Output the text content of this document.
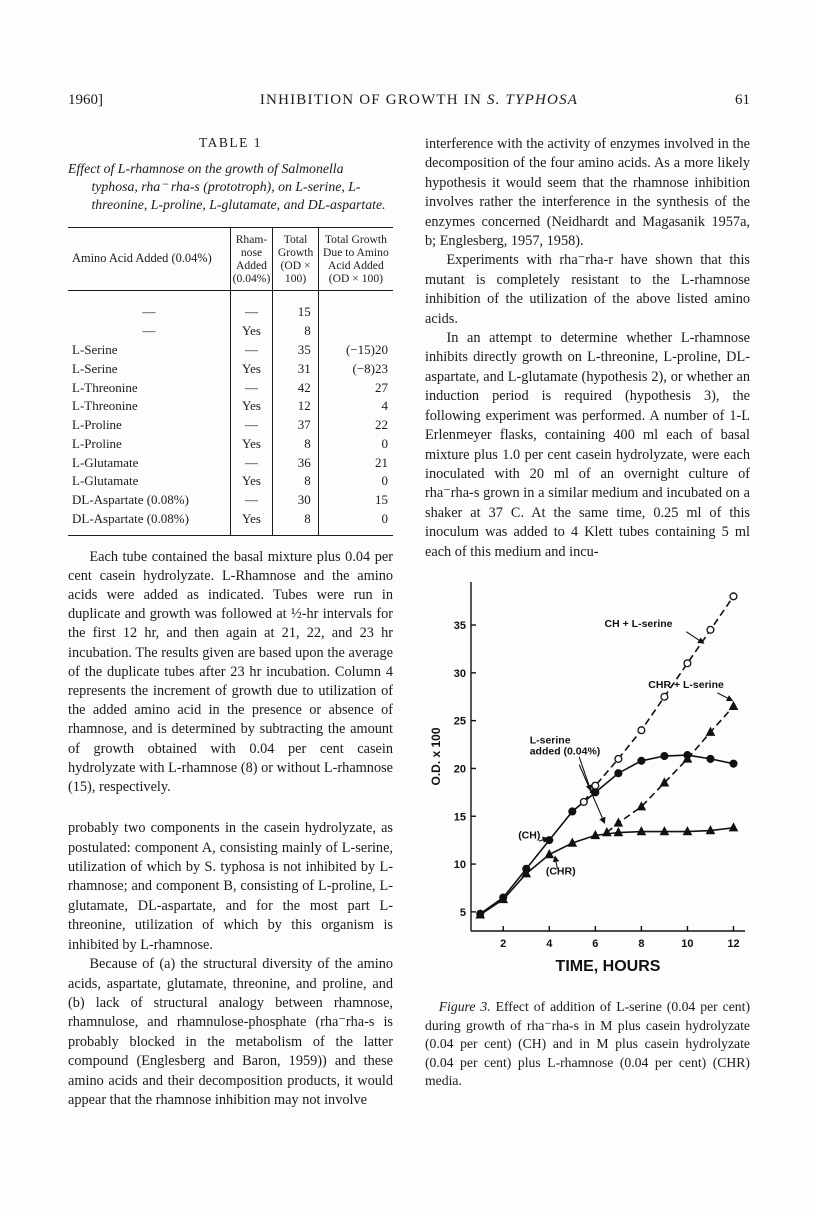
1960]	INHIBITION OF GROWTH IN S. TYPHOSA	61
TABLE 1
Effect of L-rhamnose on the growth of Salmonella typhosa, rha⁻ rha-s (prototroph), on L-serine, L-threonine, L-proline, L-glutamate, and DL-aspartate.
Amino Acid Added (0.04%)	Rham-nose Added (0.04%)	Total Growth (OD × 100)	Total Growth Due to Amino Acid Added (OD × 100)
—	—	15	
—	Yes	8	
L-Serine	—	35	(−15)20
L-Serine	Yes	31	(−8)23
L-Threonine	—	42	27
L-Threonine	Yes	12	4
L-Proline	—	37	22
L-Proline	Yes	8	0
L-Glutamate	—	36	21
L-Glutamate	Yes	8	0
DL-Aspartate (0.08%)	—	30	15
DL-Aspartate (0.08%)	Yes	8	0

Each tube contained the basal mixture plus 0.04 per cent casein hydrolyzate. L-Rhamnose and the amino acids were added as indicated. Tubes were run in duplicate and growth was followed at ½-hr intervals for the first 12 hr, and then again at 21, 22, and 23 hr incubation. The results given are based upon the average of the duplicate tubes after 23 hr incubation. Column 4 represents the increment of growth due to utilization of the added amino acid in the presence or absence of rhamnose, and is determined by subtracting the amount of growth obtained with 0.04 per cent casein hydrolyzate with L-rhamnose (8) or without L-rhamnose (15), respectively.

probably two components in the casein hydrolyzate, as postulated: component A, consisting mainly of L-serine, utilization of which by S. typhosa is not inhibited by L-rhamnose; and component B, consisting of L-proline, L-glutamate, DL-aspartate, and for the most part L-threonine, utilization of which by this organism is inhibited by L-rhamnose.

Because of (a) the structural diversity of the amino acids, aspartate, glutamate, threonine, and proline, and (b) lack of structural analogy between rhamnose, rhamnulose, and rhamnulose-phosphate (rha⁻rha-s is probably blocked in the metabolism of the latter compound (Englesberg and Baron, 1959)) and these amino acids and their decomposition products, it would appear that the rhamnose inhibition may not involve

interference with the activity of enzymes involved in the decomposition of the four amino acids. As a more likely hypothesis it would seem that the rhamnose inhibition involves rather the interference in the synthesis of the enzymes concerned (Neidhardt and Magasanik 1957a, b; Englesberg, 1957, 1958).

Experiments with rha⁻rha-r have shown that this mutant is completely resistant to the L-rhamnose inhibition of the utilization of the above listed amino acids.

In an attempt to determine whether L-rhamnose inhibits directly growth on L-threonine, L-proline, DL-aspartate, and L-glutamate (hypothesis 2), or whether an induction period is required (hypothesis 3), the following experiment was performed. A number of 1-L Erlenmeyer flasks, containing 400 ml each of basal mixture plus 1.0 per cent casein hydrolyzate, were each inoculated with 20 ml of an overnight culture of rha⁻rha-s grown in a similar medium and incubated on a shaker at 37 C. At the same time, 0.25 ml of this inoculum was added to 4 Klett tubes containing 5 ml each of this medium and incu-

5
10
15
20
25
30
35
2	4	6	8	10	12
CH + L-serine
CHR + L-serine
L-serine added (0.04%)
(CH)
(CHR)
O.D. x 100
TIME, HOURS

Figure 3. Effect of addition of L-serine (0.04 per cent) during growth of rha⁻rha-s in M plus casein hydrolyzate (0.04 per cent) (CH) and in M plus casein hydrolyzate (0.04 per cent) plus L-rhamnose (0.04 per cent) (CHR) media.
